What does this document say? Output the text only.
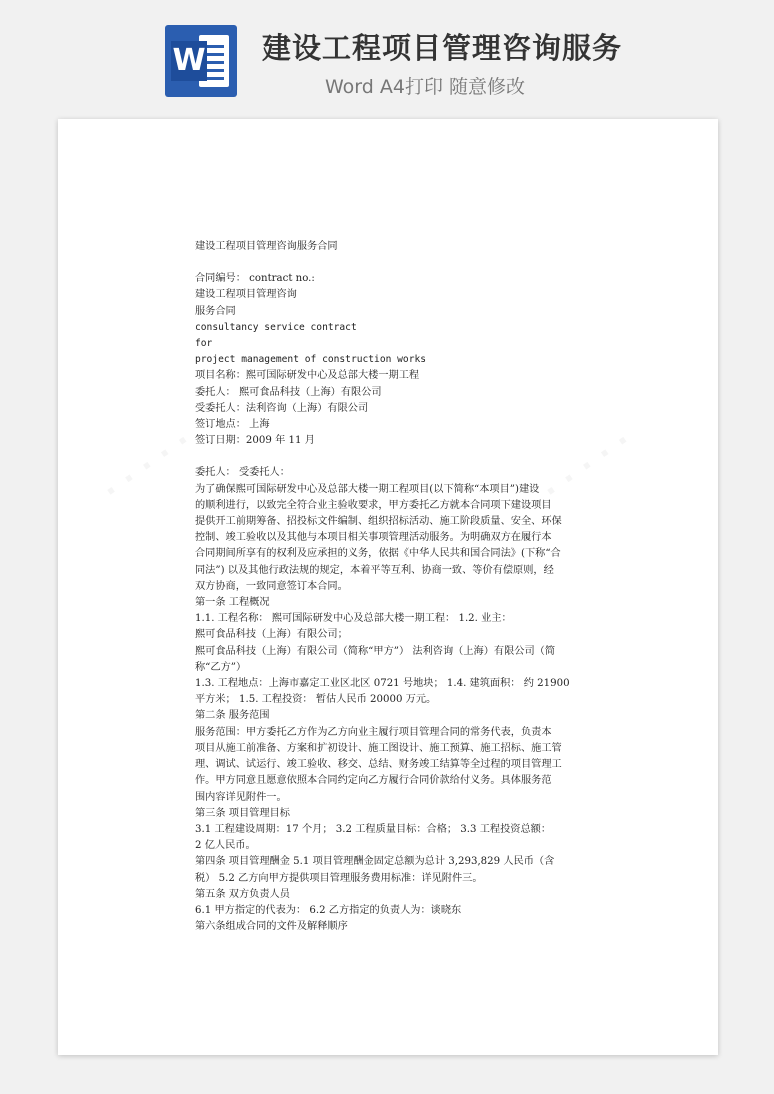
W 建设工程项目管理咨询服务
Word A4打印 随意修改
· · · · ·	· · · · ·

建设工程项目管理咨询服务合同

合同编号： contract no.:

建设工程项目管理咨询

服务合同

consultancy service contract

for

project management of construction works

项目名称：熙可国际研发中心及总部大楼一期工程

委托人： 熙可食品科技（上海）有限公司

受委托人：法利咨询（上海）有限公司

签订地点： 上海

签订日期：2009 年 11 月

委托人： 受委托人：

为了确保熙可国际研发中心及总部大楼一期工程项目(以下简称“本项目”)建设

的顺利进行，以致完全符合业主验收要求，甲方委托乙方就本合同项下建设项目

提供开工前期筹备、招投标文件编制、组织招标活动、施工阶段质量、安全、环保

控制、竣工验收以及其他与本项目相关事项管理活动服务。为明确双方在履行本

合同期间所享有的权利及应承担的义务，依据《中华人民共和国合同法》(下称“合

同法”) 以及其他行政法规的规定，本着平等互利、协商一致、等价有偿原则，经

双方协商，一致同意签订本合同。

第一条 工程概况

1.1. 工程名称： 熙可国际研发中心及总部大楼一期工程： 1.2. 业主：

熙可食品科技（上海）有限公司；

熙可食品科技（上海）有限公司（简称“甲方”） 法利咨询（上海）有限公司（简

称“乙方”）

1.3. 工程地点：上海市嘉定工业区北区 0721 号地块； 1.4. 建筑面积： 约 21900

平方米； 1.5. 工程投资： 暂估人民币 20000 万元。

第二条 服务范围

服务范围：甲方委托乙方作为乙方向业主履行项目管理合同的常务代表，负责本

项目从施工前准备、方案和扩初设计、施工图设计、施工预算、施工招标、施工管

理、调试、试运行、竣工验收、移交、总结、财务竣工结算等全过程的项目管理工

作。甲方同意且愿意依照本合同约定向乙方履行合同价款给付义务。具体服务范

围内容详见附件一。

第三条 项目管理目标

3.1 工程建设周期：17 个月； 3.2 工程质量目标：合格； 3.3 工程投资总额：

2 亿人民币。

第四条 项目管理酬金 5.1 项目管理酬金固定总额为总计 3,293,829 人民币（含

税） 5.2 乙方向甲方提供项目管理服务费用标准：详见附件三。

第五条 双方负责人员

6.1 甲方指定的代表为： 6.2 乙方指定的负责人为：谈晓东

第六条组成合同的文件及解释顺序
